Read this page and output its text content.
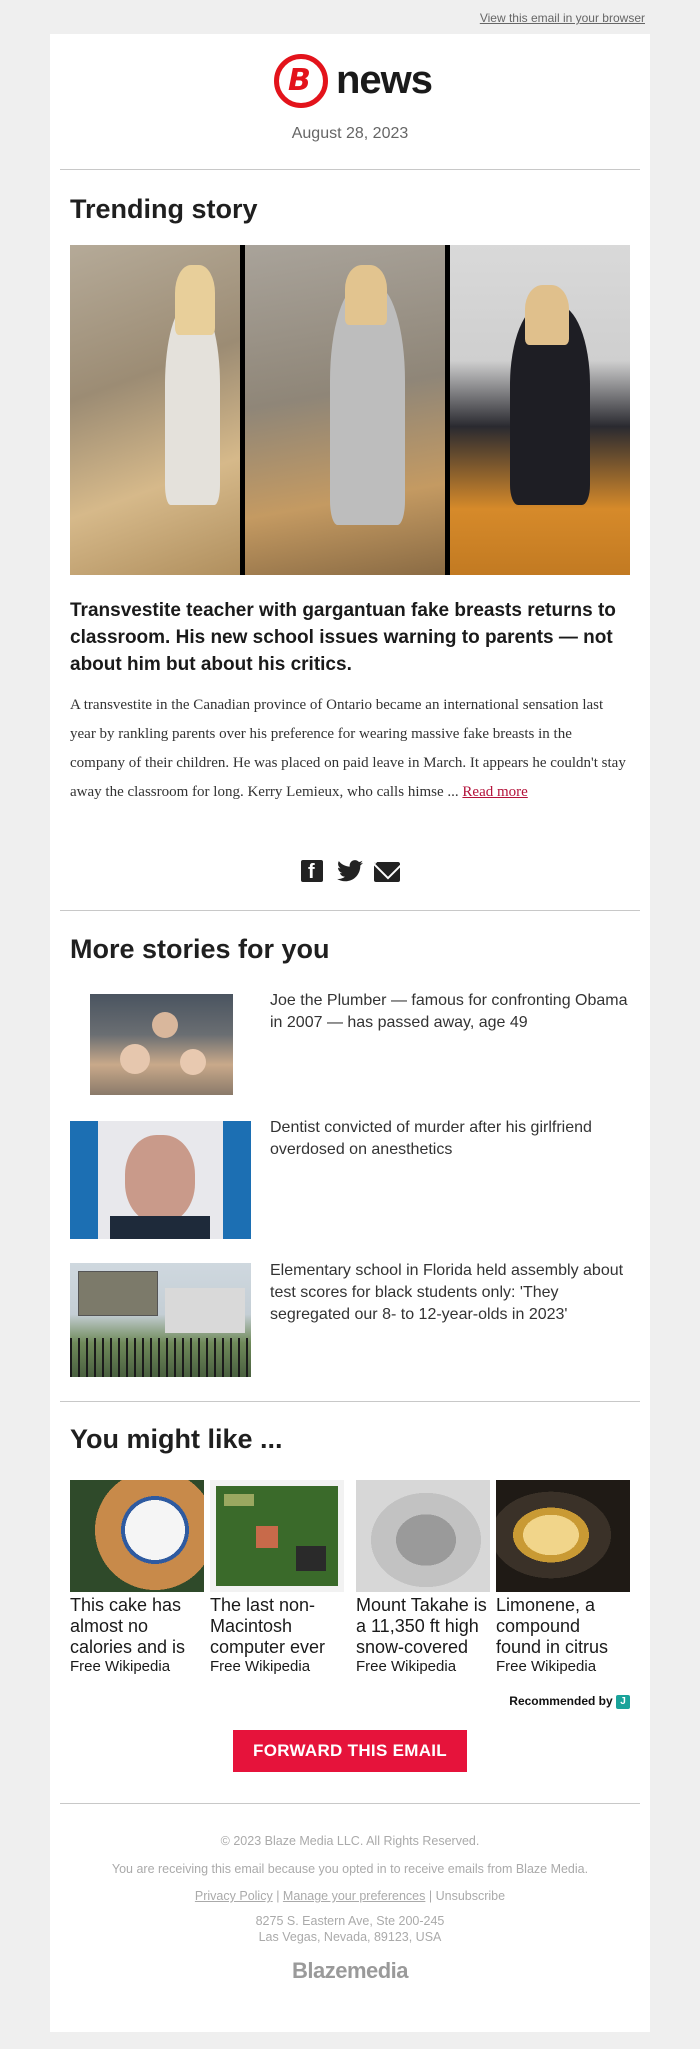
View this email in your browser
B news
August 28, 2023
Trending story
Transvestite teacher with gargantuan fake breasts returns to classroom. His new school issues warning to parents — not about him but about his critics.
A transvestite in the Canadian province of Ontario became an international sensation last year by rankling parents over his preference for wearing massive fake breasts in the company of their children. He was placed on paid leave in March. It appears he couldn't stay away the classroom for long. Kerry Lemieux, who calls himse ... Read more
f
More stories for you
Joe the Plumber — famous for confronting Obama in 2007 — has passed away, age 49
Dentist convicted of murder after his girlfriend overdosed on anesthetics
Elementary school in Florida held assembly about test scores for black students only: 'They segregated our 8- to 12-year-olds in 2023'
You might like ...
This cake has almost no calories and is
Free Wikipedia
The last non-Macintosh computer ever
Free Wikipedia
Mount Takahe is a 11,350 ft high snow-covered
Free Wikipedia
Limonene, a compound found in citrus
Free Wikipedia
Recommended by J
FORWARD THIS EMAIL
© 2023 Blaze Media LLC. All Rights Reserved.
You are receiving this email because you opted in to receive emails from Blaze Media.
Privacy Policy | Manage your preferences | Unsubscribe
8275 S. Eastern Ave, Ste 200-245
Las Vegas, Nevada, 89123, USA
Blazemedia
